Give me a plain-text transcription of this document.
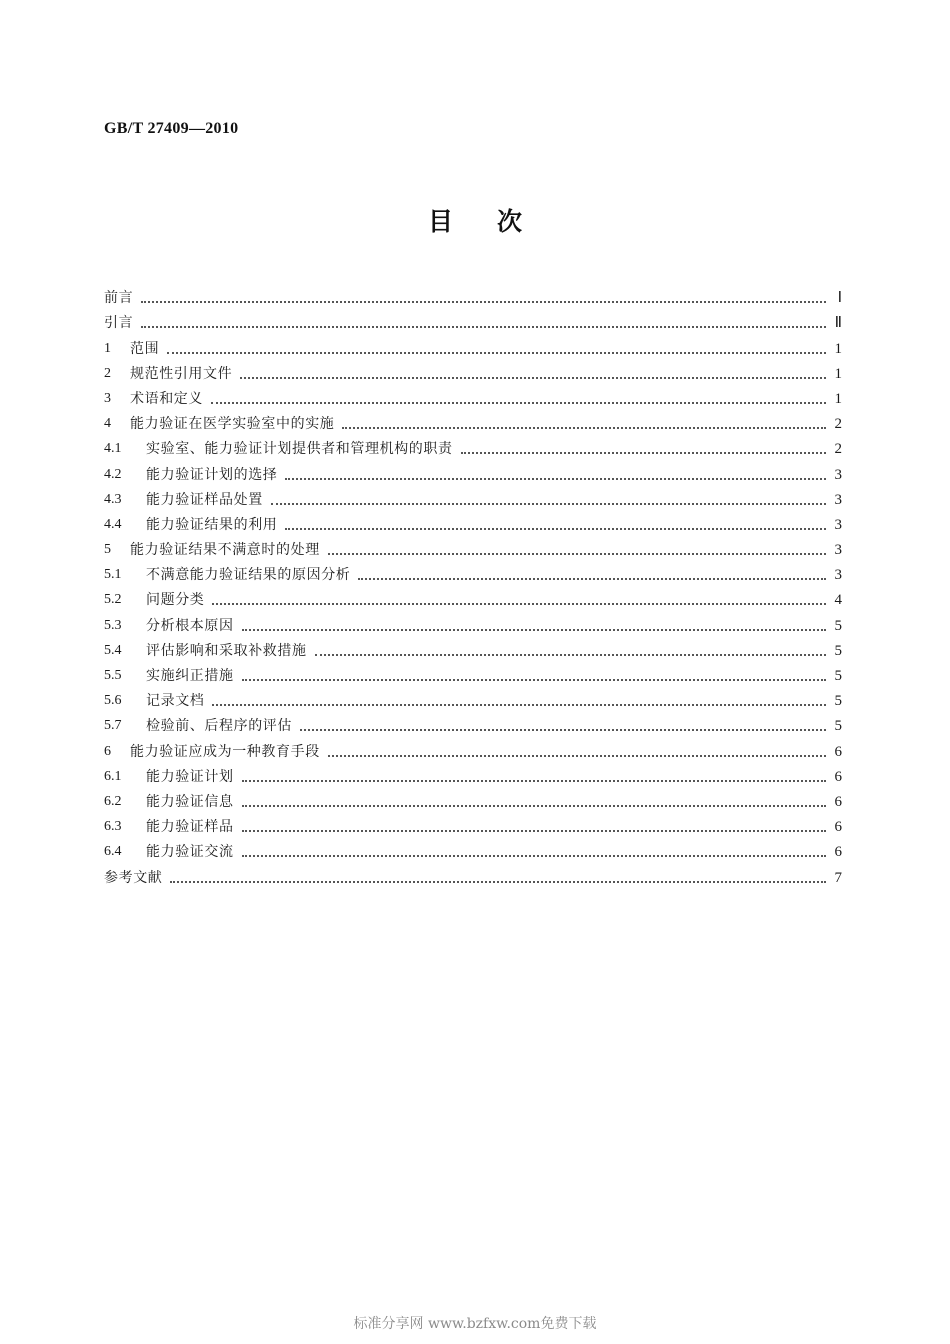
GB/T 27409—2010
目次
前言	Ⅰ
引言	Ⅱ
1	范围	1
2	规范性引用文件	1
3	术语和定义	1
4	能力验证在医学实验室中的实施	2
4.1	实验室、能力验证计划提供者和管理机构的职责	2
4.2	能力验证计划的选择	3
4.3	能力验证样品处置	3
4.4	能力验证结果的利用	3
5	能力验证结果不满意时的处理	3
5.1	不满意能力验证结果的原因分析	3
5.2	问题分类	4
5.3	分析根本原因	5
5.4	评估影响和采取补救措施	5
5.5	实施纠正措施	5
5.6	记录文档	5
5.7	检验前、后程序的评估	5
6	能力验证应成为一种教育手段	6
6.1	能力验证计划	6
6.2	能力验证信息	6
6.3	能力验证样品	6
6.4	能力验证交流	6
参考文献	7
标准分享网 www.bzfxw.com免费下载
